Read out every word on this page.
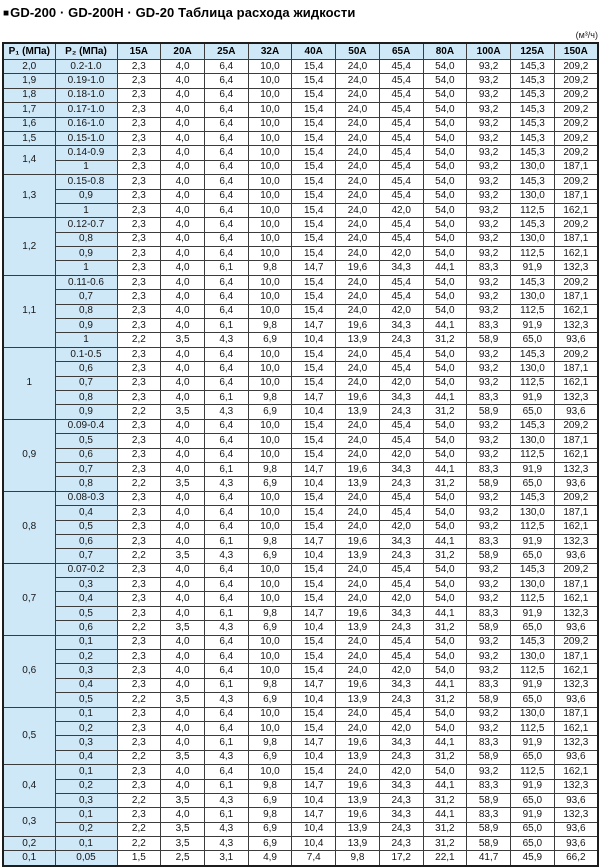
■GD-200 · GD-200H · GD-20 Таблица расхода жидкости
(м³/ч)
P₁ (МПа)	P₂ (МПа)	15A	20A	25A	32A	40A	50A	65A	80A	100A	125A	150A
2,0	0.2-1.0	2,3	4,0	6,4	10,0	15,4	24,0	45,4	54,0	93,2	145,3	209,2
1,9	0.19-1.0	2,3	4,0	6,4	10,0	15,4	24,0	45,4	54,0	93,2	145,3	209,2
1,8	0.18-1.0	2,3	4,0	6,4	10,0	15,4	24,0	45,4	54,0	93,2	145,3	209,2
1,7	0.17-1.0	2,3	4,0	6,4	10,0	15,4	24,0	45,4	54,0	93,2	145,3	209,2
1,6	0.16-1.0	2,3	4,0	6,4	10,0	15,4	24,0	45,4	54,0	93,2	145,3	209,2
1,5	0.15-1.0	2,3	4,0	6,4	10,0	15,4	24,0	45,4	54,0	93,2	145,3	209,2
1,4	0.14-0.9	2,3	4,0	6,4	10,0	15,4	24,0	45,4	54,0	93,2	145,3	209,2
	1	2,3	4,0	6,4	10,0	15,4	24,0	45,4	54,0	93,2	130,0	187,1
1,3	0.15-0.8	2,3	4,0	6,4	10,0	15,4	24,0	45,4	54,0	93,2	145,3	209,2
	0,9	2,3	4,0	6,4	10,0	15,4	24,0	45,4	54,0	93,2	130,0	187,1
	1	2,3	4,0	6,4	10,0	15,4	24,0	42,0	54,0	93,2	112,5	162,1
1,2	0.12-0.7	2,3	4,0	6,4	10,0	15,4	24,0	45,4	54,0	93,2	145,3	209,2
	0,8	2,3	4,0	6,4	10,0	15,4	24,0	45,4	54,0	93,2	130,0	187,1
	0,9	2,3	4,0	6,4	10,0	15,4	24,0	42,0	54,0	93,2	112,5	162,1
	1	2,3	4,0	6,1	9,8	14,7	19,6	34,3	44,1	83,3	91,9	132,3
1,1	0.11-0.6	2,3	4,0	6,4	10,0	15,4	24,0	45,4	54,0	93,2	145,3	209,2
	0,7	2,3	4,0	6,4	10,0	15,4	24,0	45,4	54,0	93,2	130,0	187,1
	0,8	2,3	4,0	6,4	10,0	15,4	24,0	42,0	54,0	93,2	112,5	162,1
	0,9	2,3	4,0	6,1	9,8	14,7	19,6	34,3	44,1	83,3	91,9	132,3
	1	2,2	3,5	4,3	6,9	10,4	13,9	24,3	31,2	58,9	65,0	93,6
1	0.1-0.5	2,3	4,0	6,4	10,0	15,4	24,0	45,4	54,0	93,2	145,3	209,2
	0,6	2,3	4,0	6,4	10,0	15,4	24,0	45,4	54,0	93,2	130,0	187,1
	0,7	2,3	4,0	6,4	10,0	15,4	24,0	42,0	54,0	93,2	112,5	162,1
	0,8	2,3	4,0	6,1	9,8	14,7	19,6	34,3	44,1	83,3	91,9	132,3
	0,9	2,2	3,5	4,3	6,9	10,4	13,9	24,3	31,2	58,9	65,0	93,6
0,9	0.09-0.4	2,3	4,0	6,4	10,0	15,4	24,0	45,4	54,0	93,2	145,3	209,2
	0,5	2,3	4,0	6,4	10,0	15,4	24,0	45,4	54,0	93,2	130,0	187,1
	0,6	2,3	4,0	6,4	10,0	15,4	24,0	42,0	54,0	93,2	112,5	162,1
	0,7	2,3	4,0	6,1	9,8	14,7	19,6	34,3	44,1	83,3	91,9	132,3
	0,8	2,2	3,5	4,3	6,9	10,4	13,9	24,3	31,2	58,9	65,0	93,6
0,8	0.08-0.3	2,3	4,0	6,4	10,0	15,4	24,0	45,4	54,0	93,2	145,3	209,2
	0,4	2,3	4,0	6,4	10,0	15,4	24,0	45,4	54,0	93,2	130,0	187,1
	0,5	2,3	4,0	6,4	10,0	15,4	24,0	42,0	54,0	93,2	112,5	162,1
	0,6	2,3	4,0	6,1	9,8	14,7	19,6	34,3	44,1	83,3	91,9	132,3
	0,7	2,2	3,5	4,3	6,9	10,4	13,9	24,3	31,2	58,9	65,0	93,6
0,7	0.07-0.2	2,3	4,0	6,4	10,0	15,4	24,0	45,4	54,0	93,2	145,3	209,2
	0,3	2,3	4,0	6,4	10,0	15,4	24,0	45,4	54,0	93,2	130,0	187,1
	0,4	2,3	4,0	6,4	10,0	15,4	24,0	42,0	54,0	93,2	112,5	162,1
	0,5	2,3	4,0	6,1	9,8	14,7	19,6	34,3	44,1	83,3	91,9	132,3
	0,6	2,2	3,5	4,3	6,9	10,4	13,9	24,3	31,2	58,9	65,0	93,6
0,6	0,1	2,3	4,0	6,4	10,0	15,4	24,0	45,4	54,0	93,2	145,3	209,2
	0,2	2,3	4,0	6,4	10,0	15,4	24,0	45,4	54,0	93,2	130,0	187,1
	0,3	2,3	4,0	6,4	10,0	15,4	24,0	42,0	54,0	93,2	112,5	162,1
	0,4	2,3	4,0	6,1	9,8	14,7	19,6	34,3	44,1	83,3	91,9	132,3
	0,5	2,2	3,5	4,3	6,9	10,4	13,9	24,3	31,2	58,9	65,0	93,6
0,5	0,1	2,3	4,0	6,4	10,0	15,4	24,0	45,4	54,0	93,2	130,0	187,1
	0,2	2,3	4,0	6,4	10,0	15,4	24,0	42,0	54,0	93,2	112,5	162,1
	0,3	2,3	4,0	6,1	9,8	14,7	19,6	34,3	44,1	83,3	91,9	132,3
	0,4	2,2	3,5	4,3	6,9	10,4	13,9	24,3	31,2	58,9	65,0	93,6
0,4	0,1	2,3	4,0	6,4	10,0	15,4	24,0	42,0	54,0	93,2	112,5	162,1
	0,2	2,3	4,0	6,1	9,8	14,7	19,6	34,3	44,1	83,3	91,9	132,3
	0,3	2,2	3,5	4,3	6,9	10,4	13,9	24,3	31,2	58,9	65,0	93,6
0,3	0,1	2,3	4,0	6,1	9,8	14,7	19,6	34,3	44,1	83,3	91,9	132,3
	0,2	2,2	3,5	4,3	6,9	10,4	13,9	24,3	31,2	58,9	65,0	93,6
0,2	0,1	2,2	3,5	4,3	6,9	10,4	13,9	24,3	31,2	58,9	65,0	93,6
0,1	0,05	1,5	2,5	3,1	4,9	7,4	9,8	17,2	22,1	41,7	45,9	66,2
